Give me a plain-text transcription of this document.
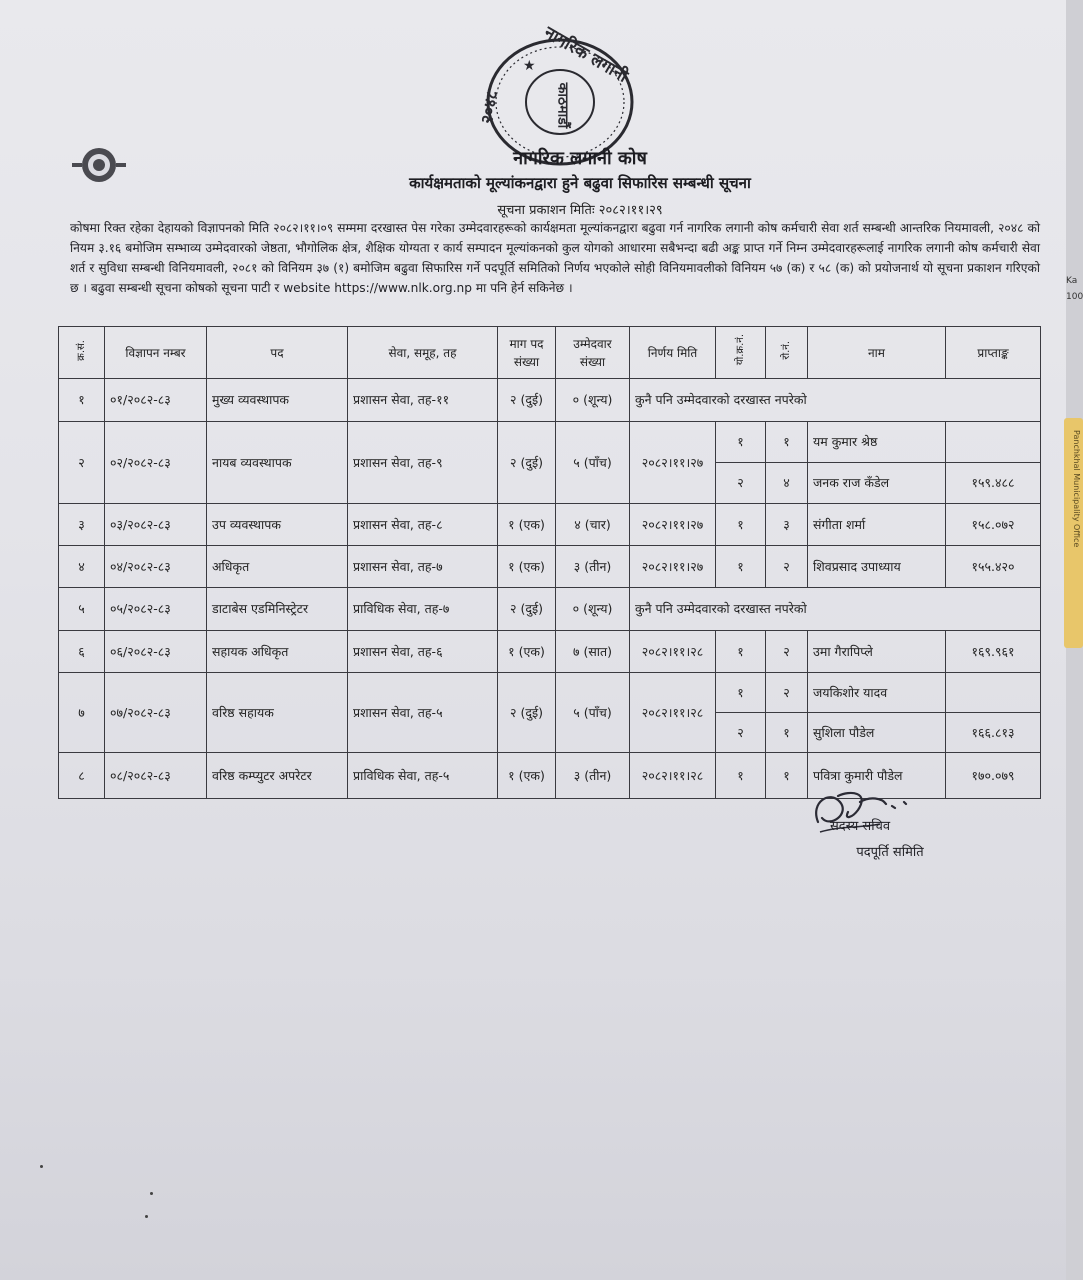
Ka
100
Panchkhal Municipality Office
★ नागरिक लगानी
काठमाडौं
२०४८
नागरिक लगानी कोष
कार्यक्षमताको मूल्यांकनद्वारा हुने बढुवा सिफारिस सम्बन्धी सूचना
सूचना प्रकाशन मितिः २०८२।११।२९
कोषमा रिक्त रहेका देहायको विज्ञापनको मिति २०८२।११।०९ सम्ममा दरखास्त पेस गरेका उम्मेदवारहरूको कार्यक्षमता मूल्यांकनद्वारा बढुवा गर्न नागरिक लगानी कोष कर्मचारी सेवा शर्त सम्बन्धी आन्तरिक नियमावली, २०४८ को नियम ३.१६ बमोजिम सम्भाव्य उम्मेदवारको जेष्ठता, भौगोलिक क्षेत्र, शैक्षिक योग्यता र कार्य सम्पादन मूल्यांकनको कुल योगको आधारमा सबैभन्दा बढी अङ्क प्राप्त गर्ने निम्न उम्मेदवारहरूलाई नागरिक लगानी कोष कर्मचारी सेवा शर्त र सुविधा सम्बन्धी विनियमावली, २०८१ को विनियम ३७ (१) बमोजिम बढुवा सिफारिस गर्ने पदपूर्ति समितिको निर्णय भएकोले सोही विनियमावलीको विनियम ५७ (क) र ५८ (क) को प्रयोजनार्थ यो सूचना प्रकाशन गरिएको छ । बढुवा सम्बन्धी सूचना कोषको सूचना पाटी र website https://www.nlk.org.np मा पनि हेर्न सकिनेछ ।
क्र.सं.	विज्ञापन नम्बर	पद	सेवा, समूह, तह	माग पद संख्या	उम्मेदवार संख्या	निर्णय मिति	यो.क्र.नं.	रो.नं.	नाम	प्राप्ताङ्क
१	०१/२०८२-८३	मुख्य व्यवस्थापक	प्रशासन सेवा, तह-११	२ (दुई)	० (शून्य)	कुनै पनि उम्मेदवारको दरखास्त नपरेको				
२	०२/२०८२-८३	नायब व्यवस्थापक	प्रशासन सेवा, तह-९	२ (दुई)	५ (पाँच)	२०८२।११।२७	१	१	यम कुमार श्रेष्ठ	
							२	४	जनक राज कँडेल	१५९.४८८
३	०३/२०८२-८३	उप व्यवस्थापक	प्रशासन सेवा, तह-८	१ (एक)	४ (चार)	२०८२।११।२७	१	३	संगीता शर्मा	१५८.०७२
४	०४/२०८२-८३	अधिकृत	प्रशासन सेवा, तह-७	१ (एक)	३ (तीन)	२०८२।११।२७	१	२	शिवप्रसाद उपाध्याय	१५५.४२०
५	०५/२०८२-८३	डाटाबेस एडमिनिस्ट्रेटर	प्राविधिक सेवा, तह-७	२ (दुई)	० (शून्य)	कुनै पनि उम्मेदवारको दरखास्त नपरेको				
६	०६/२०८२-८३	सहायक अधिकृत	प्रशासन सेवा, तह-६	१ (एक)	७ (सात)	२०८२।११।२८	१	२	उमा गैरापिप्ले	१६९.९६१
७	०७/२०८२-८३	वरिष्ठ सहायक	प्रशासन सेवा, तह-५	२ (दुई)	५ (पाँच)	२०८२।११।२८	१	२	जयकिशोर यादव	
							२	१	सुशिला पौडेल	१६६.८१३
८	०८/२०८२-८३	वरिष्ठ कम्प्युटर अपरेटर	प्राविधिक सेवा, तह-५	१ (एक)	३ (तीन)	२०८२।११।२८	१	१	पवित्रा कुमारी पौडेल	१७०.०७९
सदस्य सचिव
पदपूर्ति समिति
